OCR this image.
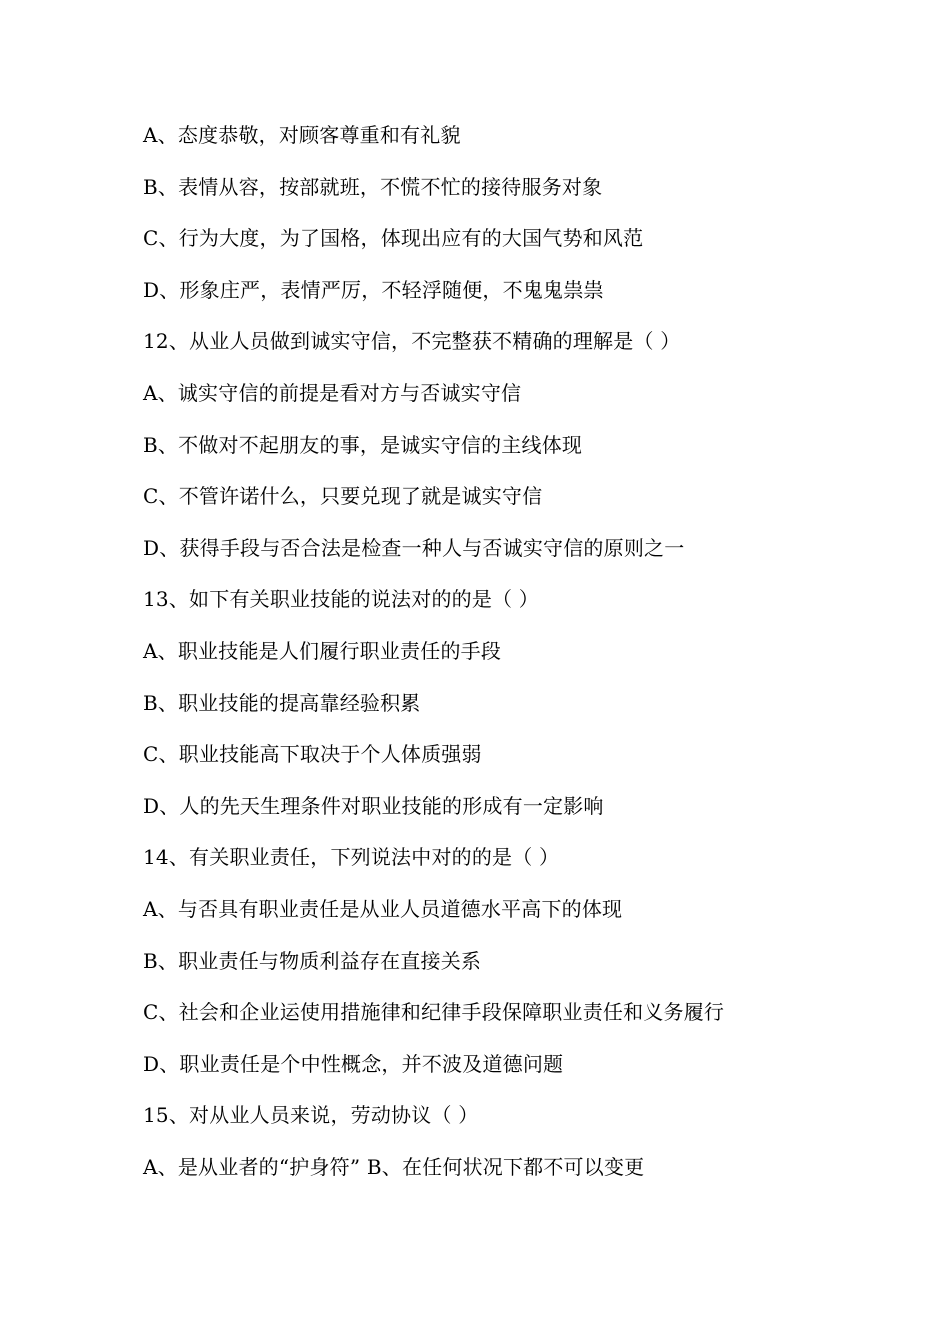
A、态度恭敬，对顾客尊重和有礼貌
B、表情从容，按部就班，不慌不忙的接待服务对象
C、行为大度，为了国格，体现出应有的大国气势和风范
D、形象庄严，表情严厉，不轻浮随便，不鬼鬼祟祟
12、从业人员做到诚实守信，不完整获不精确的理解是（ ）
A、诚实守信的前提是看对方与否诚实守信
B、不做对不起朋友的事，是诚实守信的主线体现
C、不管许诺什么，只要兑现了就是诚实守信
D、获得手段与否合法是检查一种人与否诚实守信的原则之一
13、如下有关职业技能的说法对的的是（ ）
A、职业技能是人们履行职业责任的手段
B、职业技能的提高靠经验积累
C、职业技能高下取决于个人体质强弱
D、人的先天生理条件对职业技能的形成有一定影响
14、有关职业责任，下列说法中对的的是（ ）
A、与否具有职业责任是从业人员道德水平高下的体现
B、职业责任与物质利益存在直接关系
C、社会和企业运使用措施律和纪律手段保障职业责任和义务履行
D、职业责任是个中性概念，并不波及道德问题
15、对从业人员来说，劳动协议（ ）
A、是从业者的“护身符” B、在任何状况下都不可以变更
